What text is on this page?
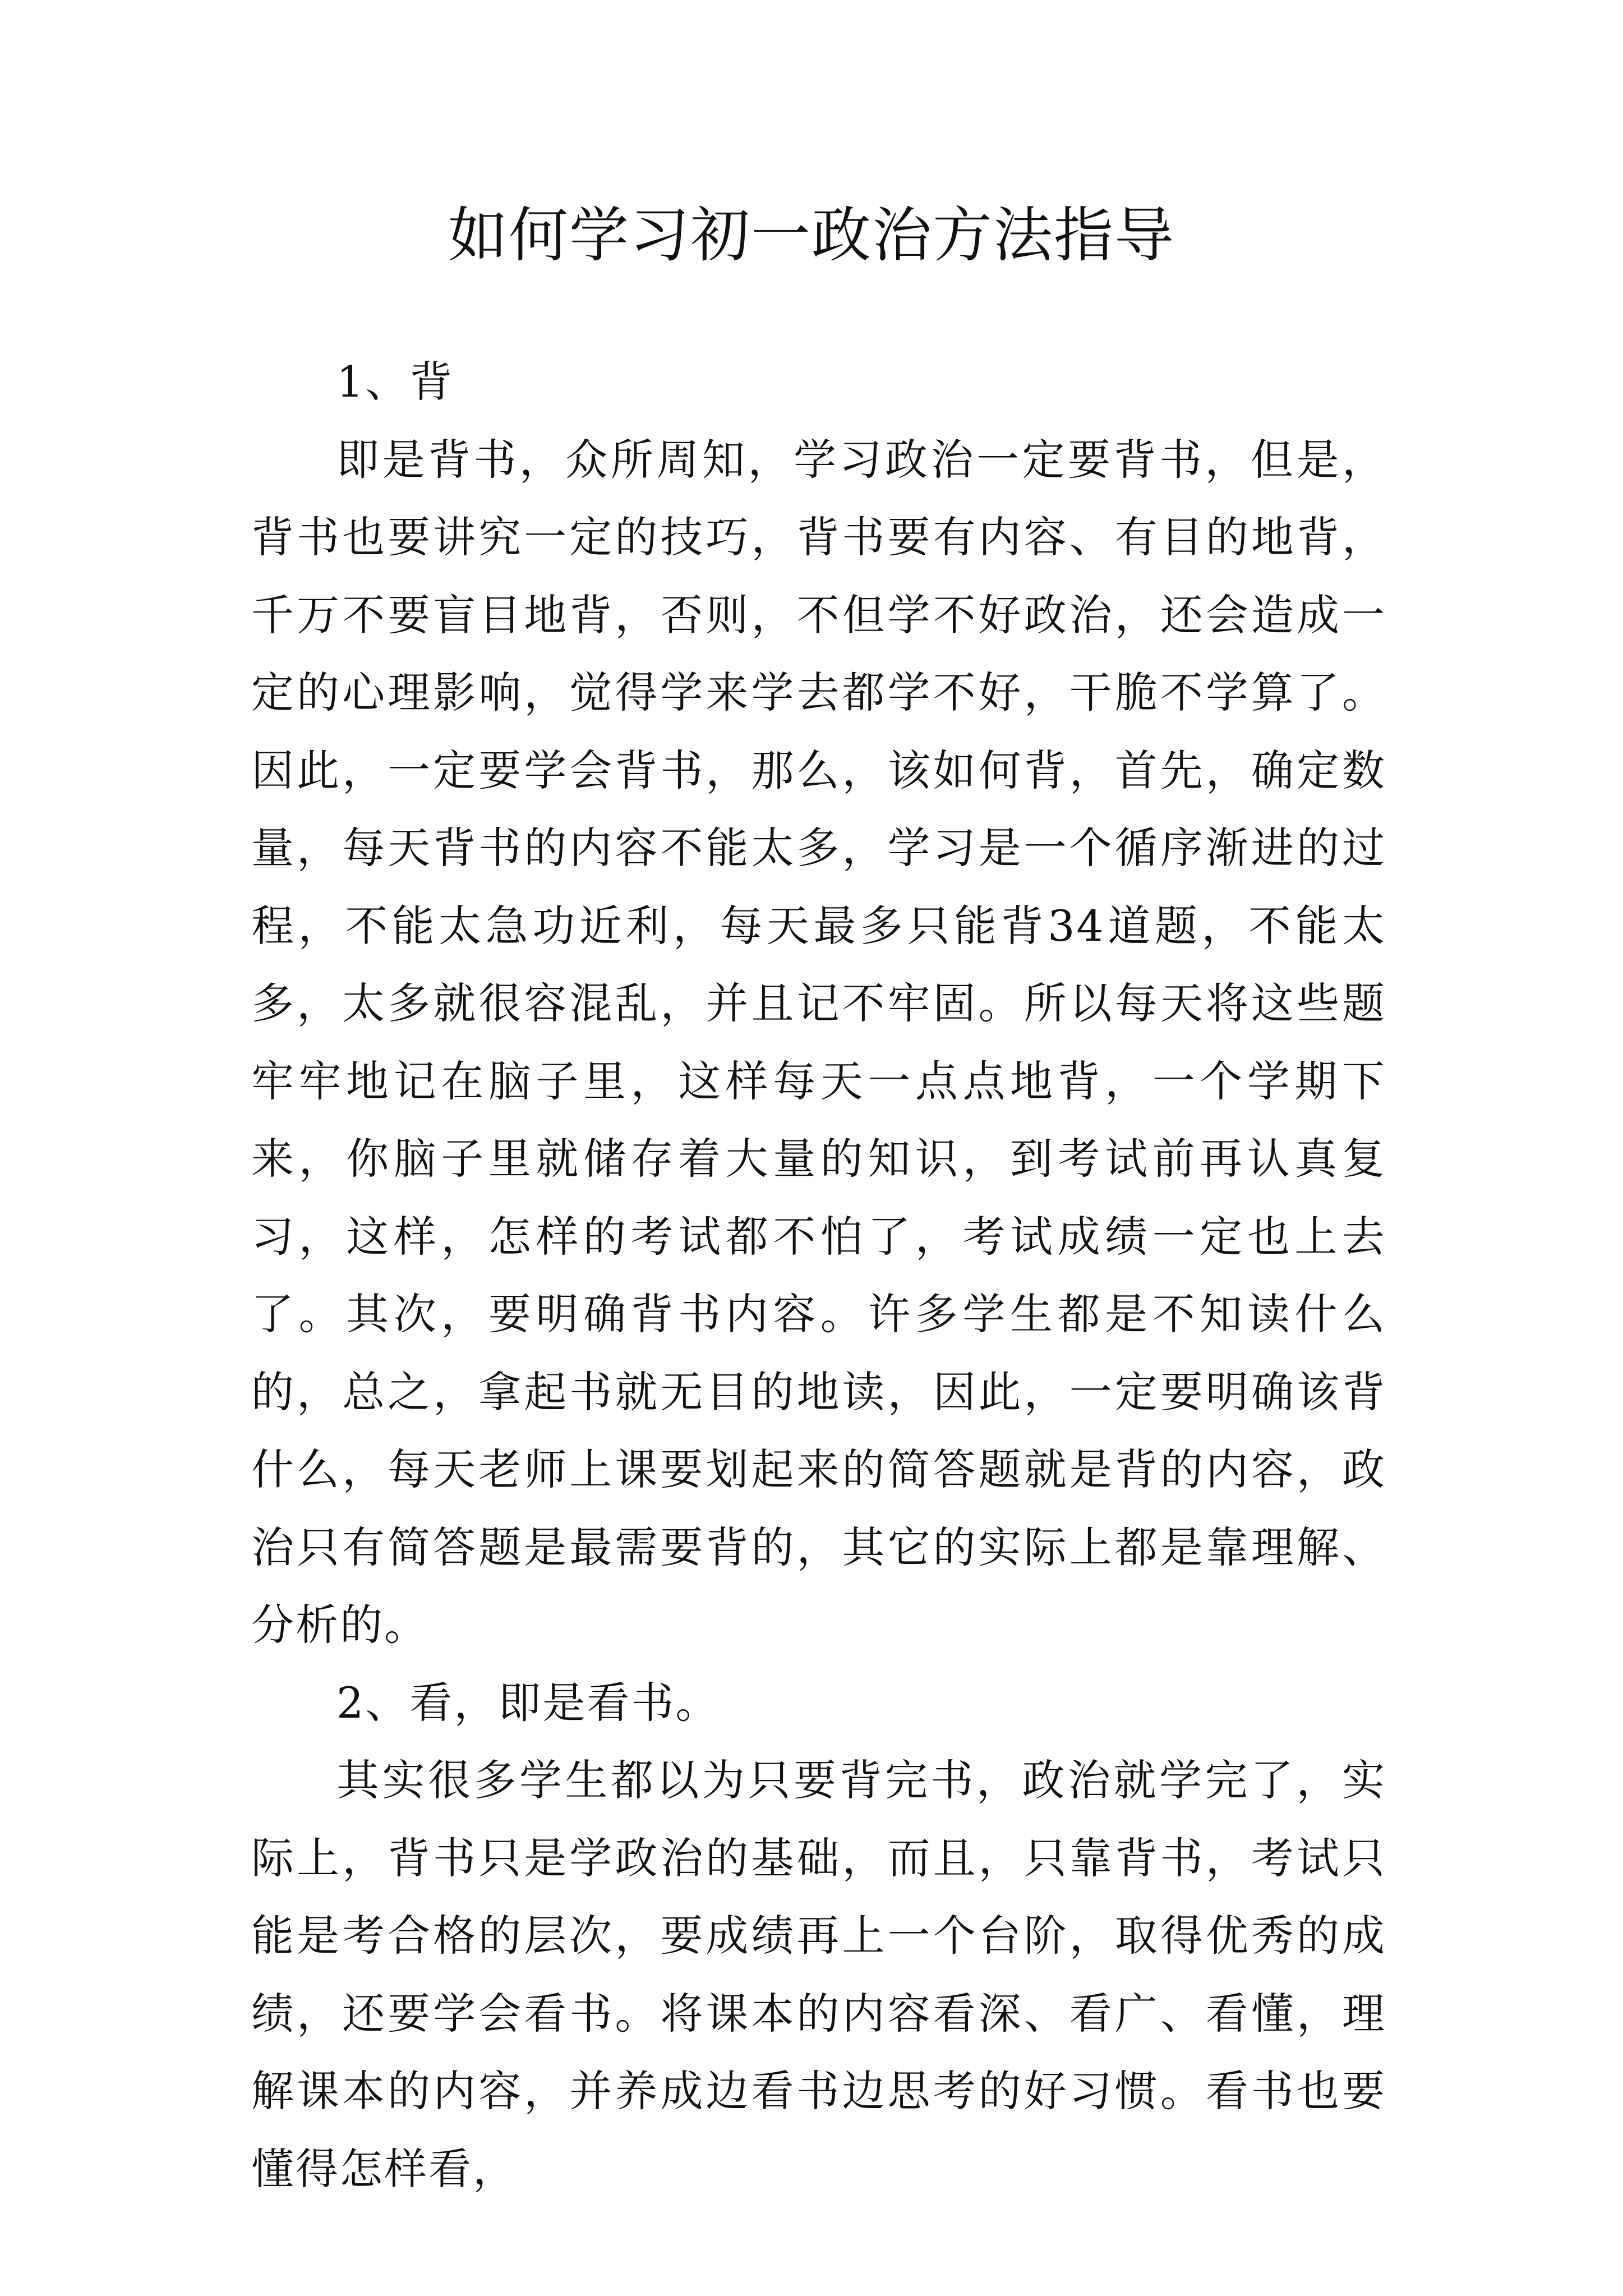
如何学习初一政治方法指导

1、背

即是背书，众所周知，学习政治一定要背书，但是，背书也要讲究一定的技巧，背书要有内容、有目的地背，千万不要盲目地背，否则，不但学不好政治，还会造成一定的心理影响，觉得学来学去都学不好，干脆不学算了。因此，一定要学会背书，那么，该如何背，首先，确定数量，每天背书的内容不能太多，学习是一个循序渐进的过程，不能太急功近利，每天最多只能背34道题，不能太多，太多就很容混乱，并且记不牢固。所以每天将这些题牢牢地记在脑子里，这样每天一点点地背，一个学期下来，你脑子里就储存着大量的知识，到考试前再认真复习，这样，怎样的考试都不怕了，考试成绩一定也上去了。其次，要明确背书内容。许多学生都是不知读什么的，总之，拿起书就无目的地读，因此，一定要明确该背什么，每天老师上课要划起来的简答题就是背的内容，政治只有简答题是最需要背的，其它的实际上都是靠理解、分析的。

2、看，即是看书。

其实很多学生都以为只要背完书，政治就学完了，实际上，背书只是学政治的基础，而且，只靠背书，考试只能是考合格的层次，要成绩再上一个台阶，取得优秀的成绩，还要学会看书。将课本的内容看深、看广、看懂，理解课本的内容，并养成边看书边思考的好习惯。看书也要懂得怎样看，
